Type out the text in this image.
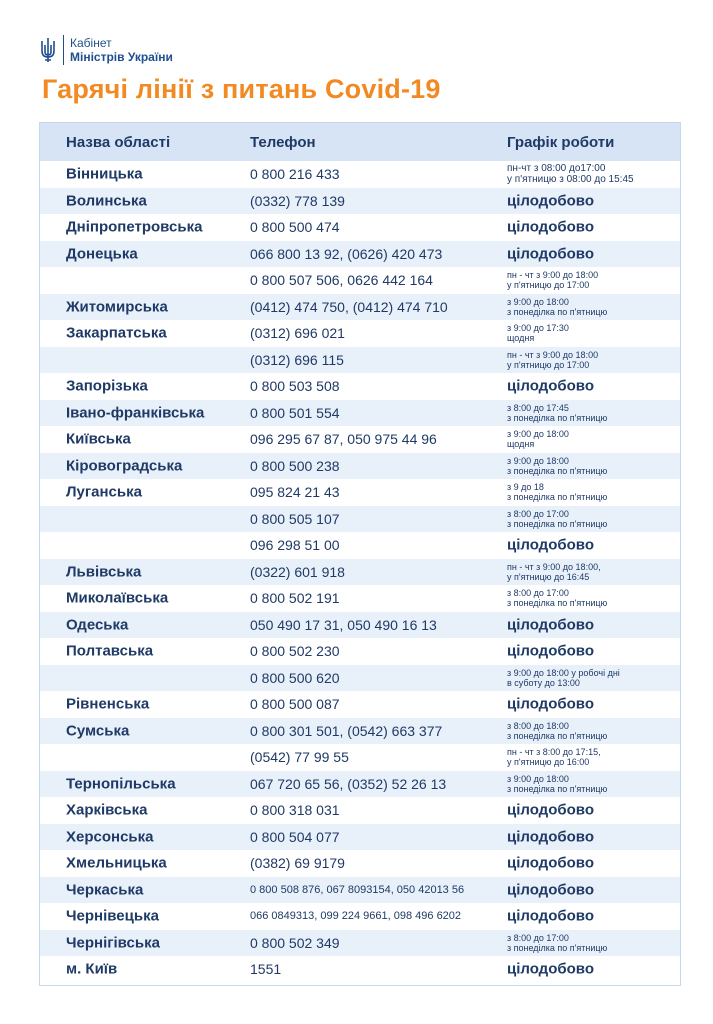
Кабінет
Міністрів України
Гарячі лінії з питань Covid-19
Назва області	Телефон	Графік роботи
Вінницька	0 800 216 433	пн-чт з 08:00 до17:00
у п'ятницю з 08:00 до 15:45
Волинська	(0332) 778 139	цілодобово
Дніпропетровська	0 800 500 474	цілодобово
Донецька	066 800 13 92, (0626) 420 473	цілодобово
0 800 507 506, 0626 442 164	пн - чт з 9:00 до 18:00
у п'ятницю до 17:00
Житомирська	(0412) 474 750, (0412) 474 710	з 9:00 до 18:00
з понеділка по п'ятницю
Закарпатська	(0312) 696 021	з 9:00 до 17:30
щодня
(0312) 696 115	пн - чт з 9:00 до 18:00
у п'ятницю до 17:00
Запорізька	0 800 503 508	цілодобово
Івано-франківська	0 800 501 554	з 8:00 до 17:45
з понеділка по п'ятницю
Київська	096 295 67 87, 050 975 44 96	з 9:00 до 18:00
щодня
Кіровоградська	0 800 500 238	з 9:00 до 18:00
з понеділка по п'ятницю
Луганська	095 824 21 43	з 9 до 18
з понеділка по п'ятницю
0 800 505 107	з 8:00 до 17:00
з понеділка по п'ятницю
096 298 51 00	цілодобово
Львівська	(0322) 601 918	пн - чт з 9:00 до 18:00,
у п'ятницю до 16:45
Миколаївська	0 800 502 191	з 8:00 до 17:00
з понеділка по п'ятницю
Одеська	050 490 17 31, 050 490 16 13	цілодобово
Полтавська	0 800 502 230	цілодобово
0 800 500 620	з 9:00 до 18:00 у робочі дні
в суботу до 13:00
Рівненська	0 800 500 087	цілодобово
Сумська	0 800 301 501, (0542) 663 377	з 8:00 до 18:00
з понеділка по п'ятницю
(0542) 77 99 55	пн - чт з 8:00 до 17:15,
у п'ятницю до 16:00
Тернопільська	067 720 65 56, (0352) 52 26 13	з 9:00 до 18:00
з понеділка по п'ятницю
Харківська	0 800 318 031	цілодобово
Херсонська	0 800 504 077	цілодобово
Хмельницька	(0382) 69 9179	цілодобово
Черкаська	0 800 508 876, 067 8093154, 050 42013 56	цілодобово
Чернівецька	066 0849313, 099 224 9661, 098 496 6202	цілодобово
Чернігівська	0 800 502 349	з 8:00 до 17:00
з понеділка по п'ятницю
м. Київ	1551	цілодобово
